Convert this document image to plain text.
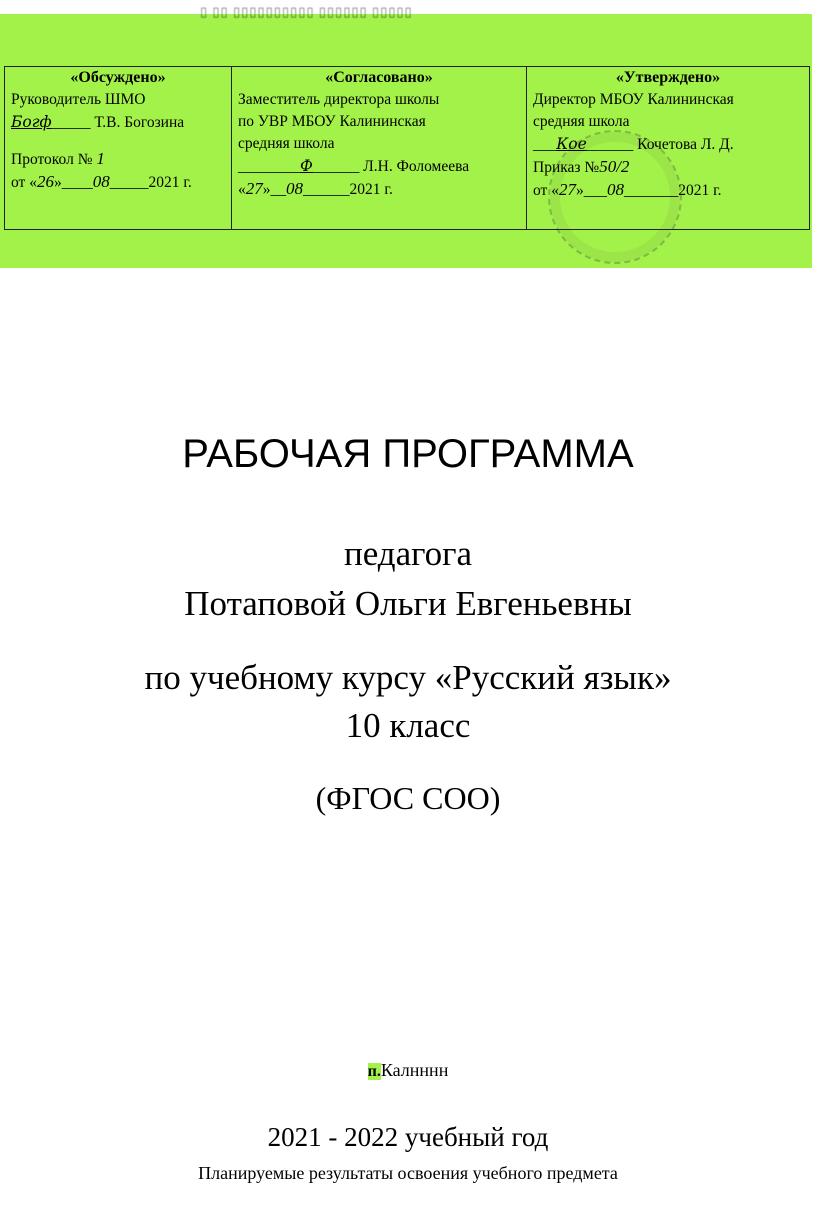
▯ ▯▯ ▯▯▯▯▯▯▯▯▯▯ ▯▯▯▯▯▯ ▯▯▯▯▯
«Обсуждено»
Руководитель ШМО
Богф_____ Т.В. Богозина
Протокол № 1
от «26»____08_____2021 г.

«Согласовано»
Заместитель директора школы
по УВР МБОУ Калининская
средняя школа
________Ф______ Л.Н. Фоломеева
«27»__08______2021 г.

«Утверждено»
Директор МБОУ Калининская
средняя школа
___Кое______ Кочетова Л. Д.
Приказ №50/2
от «27»___08_______2021 г.
РАБОЧАЯ ПРОГРАММА
педагога
Потаповой Ольги Евгеньевны
по учебному курсу «Русский язык»
10 класс
(ФГОС СОО)
п.Калнннн
2021 - 2022 учебный год
Планируемые результаты освоения учебного предмета
